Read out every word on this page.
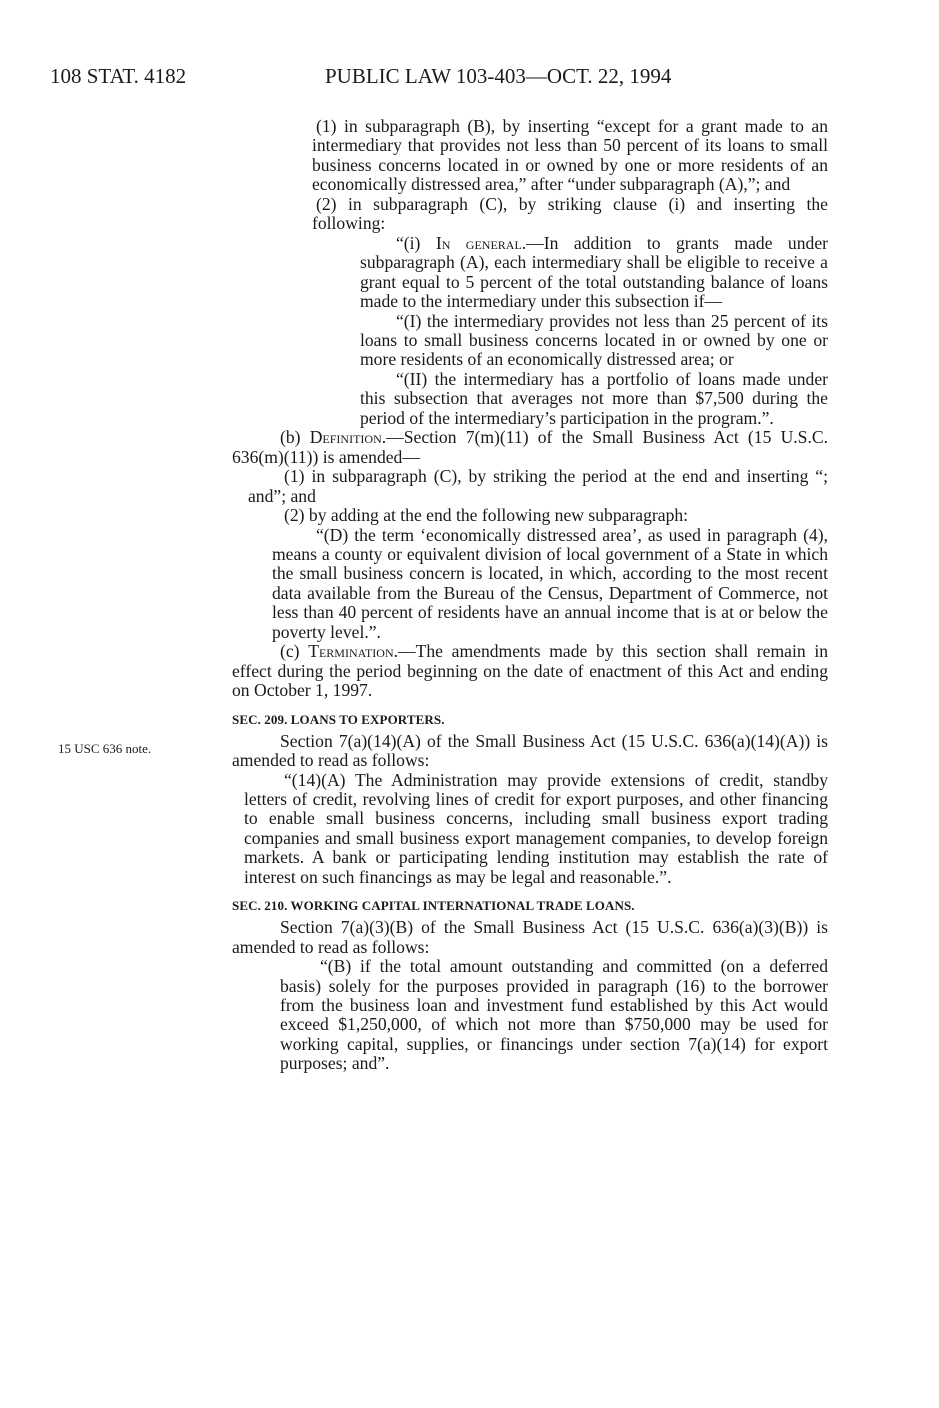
108 STAT. 4182	PUBLIC LAW 103-403—OCT. 22, 1994
15 USC 636 note.

(1) in subparagraph (B), by inserting “except for a grant made to an intermediary that provides not less than 50 percent of its loans to small business concerns located in or owned by one or more residents of an economically distressed area,” after “under subparagraph (A),”; and

(2) in subparagraph (C), by striking clause (i) and inserting the following:

“(i) In general.—In addition to grants made under subparagraph (A), each intermediary shall be eligible to receive a grant equal to 5 percent of the total outstanding balance of loans made to the intermediary under this subsection if—

“(I) the intermediary provides not less than 25 percent of its loans to small business concerns located in or owned by one or more residents of an economically distressed area; or

“(II) the intermediary has a portfolio of loans made under this subsection that averages not more than $7,500 during the period of the intermediary’s participation in the program.”.

(b) Definition.—Section 7(m)(11) of the Small Business Act (15 U.S.C. 636(m)(11)) is amended—

(1) in subparagraph (C), by striking the period at the end and inserting “; and”; and

(2) by adding at the end the following new subparagraph:

“(D) the term ‘economically distressed area’, as used in paragraph (4), means a county or equivalent division of local government of a State in which the small business concern is located, in which, according to the most recent data available from the Bureau of the Census, Department of Commerce, not less than 40 percent of residents have an annual income that is at or below the poverty level.”.

(c) Termination.—The amendments made by this section shall remain in effect during the period beginning on the date of enactment of this Act and ending on October 1, 1997.

SEC. 209. LOANS TO EXPORTERS.

Section 7(a)(14)(A) of the Small Business Act (15 U.S.C. 636(a)(14)(A)) is amended to read as follows:

“(14)(A) The Administration may provide extensions of credit, standby letters of credit, revolving lines of credit for export purposes, and other financing to enable small business concerns, including small business export trading companies and small business export management companies, to develop foreign markets. A bank or participating lending institution may establish the rate of interest on such financings as may be legal and reasonable.”.

SEC. 210. WORKING CAPITAL INTERNATIONAL TRADE LOANS.

Section 7(a)(3)(B) of the Small Business Act (15 U.S.C. 636(a)(3)(B)) is amended to read as follows:

“(B) if the total amount outstanding and committed (on a deferred basis) solely for the purposes provided in paragraph (16) to the borrower from the business loan and investment fund established by this Act would exceed $1,250,000, of which not more than $750,000 may be used for working capital, supplies, or financings under section 7(a)(14) for export purposes; and”.
